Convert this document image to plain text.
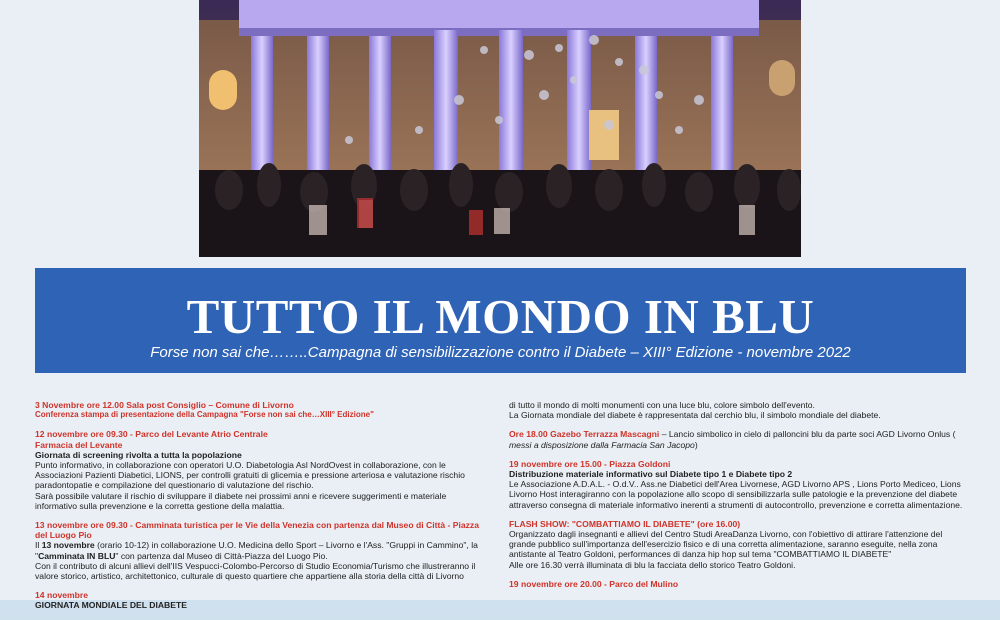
TUTTO IL MONDO IN BLU
Forse non sai che……..Campagna di sensibilizzazione contro il Diabete – XIII° Edizione - novembre 2022

3 Novembre ore 12.00 Sala post Consiglio – Comune di Livorno

Conferenza stampa di presentazione della Campagna "Forse non sai che…XIII° Edizione"

12 novembre ore 09.30 - Parco del Levante Atrio Centrale

Farmacia del Levante

Giornata di screening rivolta a tutta la popolazione

Punto informativo, in collaborazione con operatori U.O. Diabetologia Asl NordOvest in collaborazione, con le Associazioni Pazienti Diabetici, LIONS, per controlli gratuiti di glicemia e pressione arteriosa e valutazione rischio paradontopatie e compilazione del questionario di valutazione del rischio.

Sarà possibile valutare il rischio di sviluppare il diabete nei prossimi anni e ricevere suggerimenti e materiale informativo sulla prevenzione e la corretta gestione della malattia.

13 novembre ore 09.30 - Camminata turistica per le Vie della Venezia con partenza dal Museo di Città - Piazza del Luogo Pio

Il 13 novembre (orario 10-12) in collaborazione U.O. Medicina dello Sport – Livorno e l'Ass. "Gruppi in Cammino", la "Camminata IN BLU" con partenza dal Museo di Città-Piazza del Luogo Pio.

Con il contributo di alcuni allievi dell'IIS Vespucci-Colombo-Percorso di Studio Economia/Turismo che illustreranno il valore storico, artistico, architettonico, culturale di questo quartiere che appartiene alla storia della città di Livorno

14 novembre

GIORNATA MONDIALE DEL DIABETE

di tutto il mondo di molti monumenti con una luce blu, colore simbolo dell'evento.

La Giornata mondiale del diabete è rappresentata dal cerchio blu, il simbolo mondiale del diabete.

Ore 18.00 Gazebo Terrazza Mascagni – Lancio simbolico in cielo di palloncini blu da parte soci AGD Livorno Onlus ( messi a disposizione dalla Farmacia San Jacopo)

19 novembre ore 15.00 - Piazza Goldoni

Distribuzione materiale informativo sul Diabete tipo 1 e Diabete tipo 2

Le Associazione A.D.A.L. - O.d.V.. Ass.ne Diabetici dell'Area Livornese, AGD Livorno APS , Lions Porto Mediceo, Lions Livorno Host interagiranno con la popolazione allo scopo di sensibilizzarla sulle patologie e la prevenzione del diabete attraverso consegna di materiale informativo inerenti a strumenti di autocontrollo, prevenzione e corretta alimentazione.

FLASH SHOW: "COMBATTIAMO IL DIABETE" (ore 16.00)

Organizzato dagli insegnanti e allievi del Centro Studi AreaDanza Livorno, con l'obiettivo di attirare l'attenzione del grande pubblico sull'importanza dell'esercizio fisico e di una corretta alimentazione, saranno eseguite, nella zona antistante al Teatro Goldoni, performances di danza hip hop sul tema "COMBATTIAMO IL DIABETE"

Alle ore 16.30 verrà illuminata di blu la facciata dello storico Teatro Goldoni.

19 novembre ore 20.00 - Parco del Mulino
